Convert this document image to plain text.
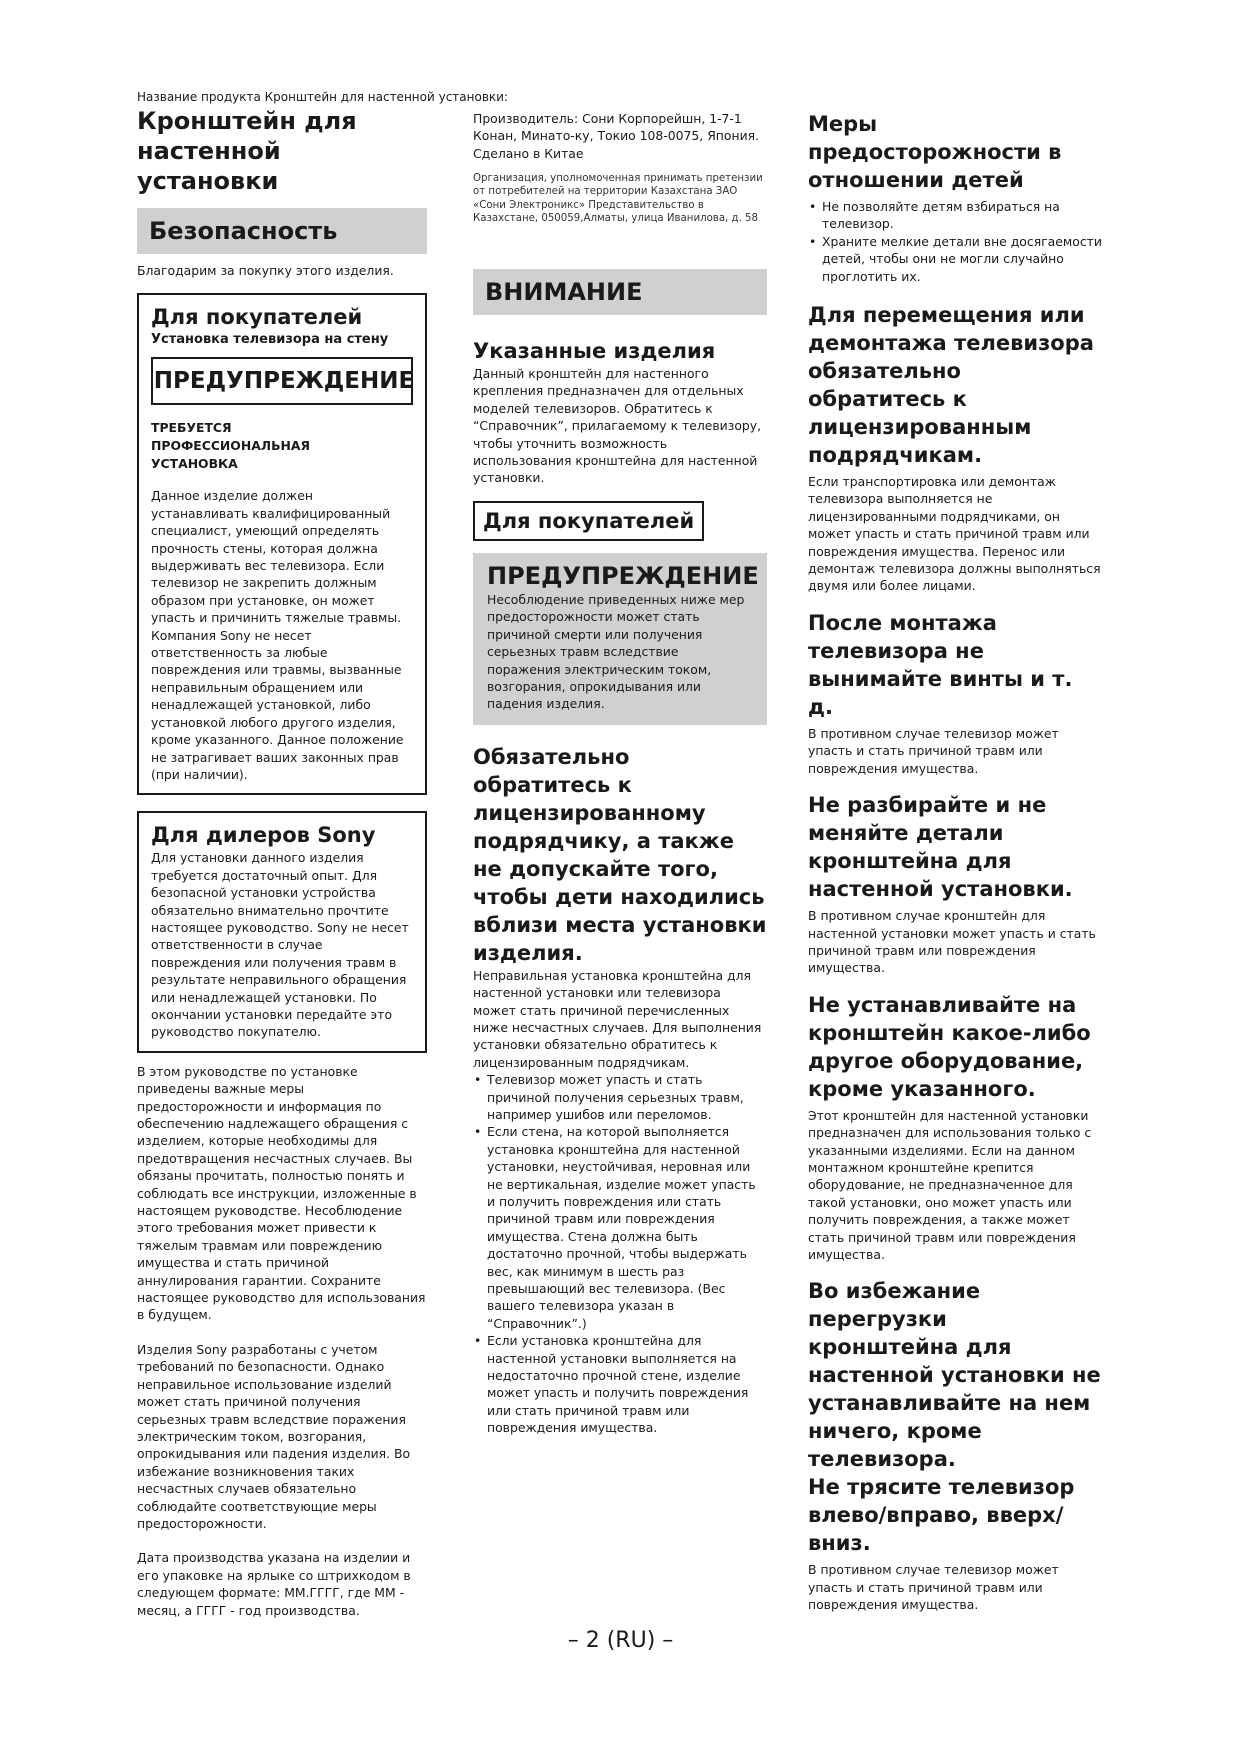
Название продукта Кронштейн для настенной установки:

Кронштейн для настенной установки
Безопасность

Благодарим за покупку этого изделия.

Для покупателей

Установка телевизора на стену

ПРЕДУПРЕЖДЕНИЕ

ТРЕБУЕТСЯ ПРОФЕССИОНАЛЬНАЯ УСТАНОВКА

Данное изделие должен устанавливать квалифицированный специалист, умеющий определять прочность стены, которая должна выдерживать вес телевизора. Если телевизор не закрепить должным образом при установке, он может упасть и причинить тяжелые травмы. Компания Sony не несет ответственность за любые повреждения или травмы, вызванные неправильным обращением или ненадлежащей установкой, либо установкой любого другого изделия, кроме указанного. Данное положение не затрагивает ваших законных прав (при наличии).

Для дилеров Sony

Для установки данного изделия требуется достаточный опыт. Для безопасной установки устройства обязательно внимательно прочтите настоящее руководство. Sony не несет ответственности в случае повреждения или получения травм в результате неправильного обращения или ненадлежащей установки. По окончании установки передайте это руководство покупателю.

В этом руководстве по установке приведены важные меры предосторожности и информация по обеспечению надлежащего обращения с изделием, которые необходимы для предотвращения несчастных случаев. Вы обязаны прочитать, полностью понять и соблюдать все инструкции, изложенные в настоящем руководстве. Несоблюдение этого требования может привести к тяжелым травмам или повреждению имущества и стать причиной аннулирования гарантии. Сохраните настоящее руководство для использования в будущем.

Изделия Sony разработаны с учетом требований по безопасности. Однако неправильное использование изделий может стать причиной получения серьезных травм вследствие поражения электрическим током, возгорания, опрокидывания или падения изделия. Во избежание возникновения таких несчастных случаев обязательно соблюдайте соответствующие меры предосторожности.

Дата производства указана на изделии и его упаковке на ярлыке со штрихкодом в следующем формате: ММ.ГГГГ, где ММ - месяц, а ГГГГ - год производства.

Производитель: Сони Корпорейшн, 1-7-1 Конан, Минато-ку, Токио 108-0075, Япония.

Сделано в Китае

Организация, уполномоченная принимать претензии от потребителей на территории Казахстана ЗАО «Сони Электроникс» Представительство в Казахстане, 050059,Алматы, улица Иванилова, д. 58

ВНИМАНИЕ
Указанные изделия

Данный кронштейн для настенного крепления предназначен для отдельных моделей телевизоров. Обратитесь к “Справочник”, прилагаемому к телевизору, чтобы уточнить возможность использования кронштейна для настенной установки.

Для покупателей
ПРЕДУПРЕЖДЕНИЕ

Несоблюдение приведенных ниже мер предосторожности может стать причиной смерти или получения серьезных травм вследствие поражения электрическим током, возгорания, опрокидывания или падения изделия.

Обязательно обратитесь к лицензированному подрядчику, а также не допускайте того, чтобы дети находились вблизи места установки изделия.

Неправильная установка кронштейна для настенной установки или телевизора может стать причиной перечисленных ниже несчастных случаев. Для выполнения установки обязательно обратитесь к лицензированным подрядчикам.

• Телевизор может упасть и стать причиной получения серьезных травм, например ушибов или переломов.
• Если стена, на которой выполняется установка кронштейна для настенной установки, неустойчивая, неровная или не вертикальная, изделие может упасть и получить повреждения или стать причиной травм или повреждения имущества. Стена должна быть достаточно прочной, чтобы выдержать вес, как минимум в шесть раз превышающий вес телевизора. (Вес вашего телевизора указан в “Справочник”.)
• Если установка кронштейна для настенной установки выполняется на недостаточно прочной стене, изделие может упасть и получить повреждения или стать причиной травм или повреждения имущества.
Меры предосторожности в отношении детей
• Не позволяйте детям взбираться на телевизор.
• Храните мелкие детали вне досягаемости детей, чтобы они не могли случайно проглотить их.
Для перемещения или демонтажа телевизора обязательно обратитесь к лицензированным подрядчикам.

Если транспортировка или демонтаж телевизора выполняется не лицензированными подрядчиками, он может упасть и стать причиной травм или повреждения имущества. Перенос или демонтаж телевизора должны выполняться двумя или более лицами.

После монтажа телевизора не вынимайте винты и т. д.

В противном случае телевизор может упасть и стать причиной травм или повреждения имущества.

Не разбирайте и не меняйте детали кронштейна для настенной установки.

В противном случае кронштейн для настенной установки может упасть и стать причиной травм или повреждения имущества.

Не устанавливайте на кронштейн какое-либо другое оборудование, кроме указанного.

Этот кронштейн для настенной установки предназначен для использования только с указанными изделиями. Если на данном монтажном кронштейне крепится оборудование, не предназначенное для такой установки, оно может упасть или получить повреждения, а также может стать причиной травм или повреждения имущества.

Во избежание перегрузки кронштейна для настенной установки не устанавливайте на нем ничего, кроме телевизора.
Не трясите телевизор влево/вправо, вверх/вниз.

В противном случае телевизор может упасть и стать причиной травм или повреждения имущества.

– 2 (RU) –
